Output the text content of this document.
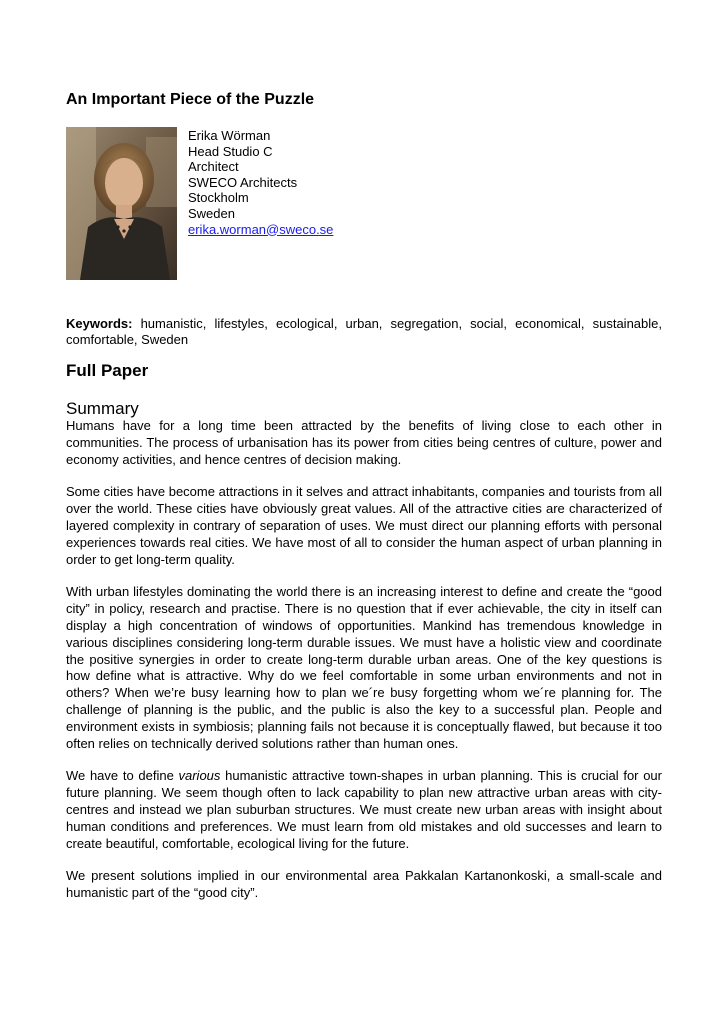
An Important Piece of the Puzzle
Erika Wörman
Head Studio C
Architect
SWECO Architects
Stockholm
Sweden
erika.worman@sweco.se

Keywords: humanistic, lifestyles, ecological, urban, segregation, social, economical, sustainable, comfortable, Sweden

Full Paper
Summary

Humans have for a long time been attracted by the benefits of living close to each other in communities. The process of urbanisation has its power from cities being centres of culture, power and economy activities, and hence centres of decision making.

Some cities have become attractions in it selves and attract inhabitants, companies and tourists from all over the world. These cities have obviously great values. All of the attractive cities are characterized of layered complexity in contrary of separation of uses. We must direct our planning efforts with personal experiences towards real cities. We have most of all to consider the human aspect of urban planning in order to get long-term quality.

With urban lifestyles dominating the world there is an increasing interest to define and create the “good city” in policy, research and practise. There is no question that if ever achievable, the city in itself can display a high concentration of windows of opportunities. Mankind has tremendous knowledge in various disciplines considering long-term durable issues. We must have a holistic view and coordinate the positive synergies in order to create long-term durable urban areas. One of the key questions is how define what is attractive. Why do we feel comfortable in some urban environments and not in others? When we’re busy learning how to plan we´re busy forgetting whom we´re planning for. The challenge of planning is the public, and the public is also the key to a successful plan. People and environment exists in symbiosis; planning fails not because it is conceptually flawed, but because it too often relies on technically derived solutions rather than human ones.

We have to define various humanistic attractive town-shapes in urban planning. This is crucial for our future planning. We seem though often to lack capability to plan new attractive urban areas with city-centres and instead we plan suburban structures. We must create new urban areas with insight about human conditions and preferences. We must learn from old mistakes and old successes and learn to create beautiful, comfortable, ecological living for the future.

We present solutions implied in our environmental area Pakkalan Kartanonkoski, a small-scale and humanistic part of the “good city”.
